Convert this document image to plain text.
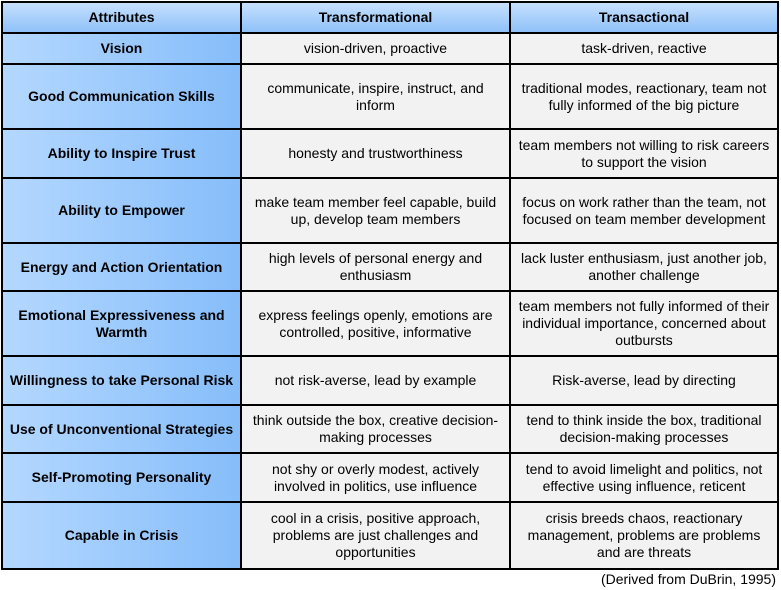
Attributes	Transformational	Transactional
Vision	vision-driven, proactive	task-driven, reactive
Good Communication Skills	communicate, inspire, instruct, and inform	traditional modes, reactionary, team not fully informed of the big picture
Ability to Inspire Trust	honesty and trustworthiness	team members not willing to risk careers to support the vision
Ability to Empower	make team member feel capable, build up, develop team members	focus on work rather than the team, not focused on team member development
Energy and Action Orientation	high levels of personal energy and enthusiasm	lack luster enthusiasm, just another job, another challenge
Emotional Expressiveness and Warmth	express feelings openly, emotions are controlled, positive, informative	team members not fully informed of their individual importance, concerned about outbursts
Willingness to take Personal Risk	not risk-averse, lead by example	Risk-averse, lead by directing
Use of Unconventional Strategies	think outside the box, creative decision-making processes	tend to think inside the box, traditional decision-making processes
Self-Promoting Personality	not shy or overly modest, actively involved in politics, use influence	tend to avoid limelight and politics, not effective using influence, reticent
Capable in Crisis	cool in a crisis, positive approach, problems are just challenges and opportunities	crisis breeds chaos, reactionary management, problems are problems and are threats
(Derived from DuBrin, 1995)
